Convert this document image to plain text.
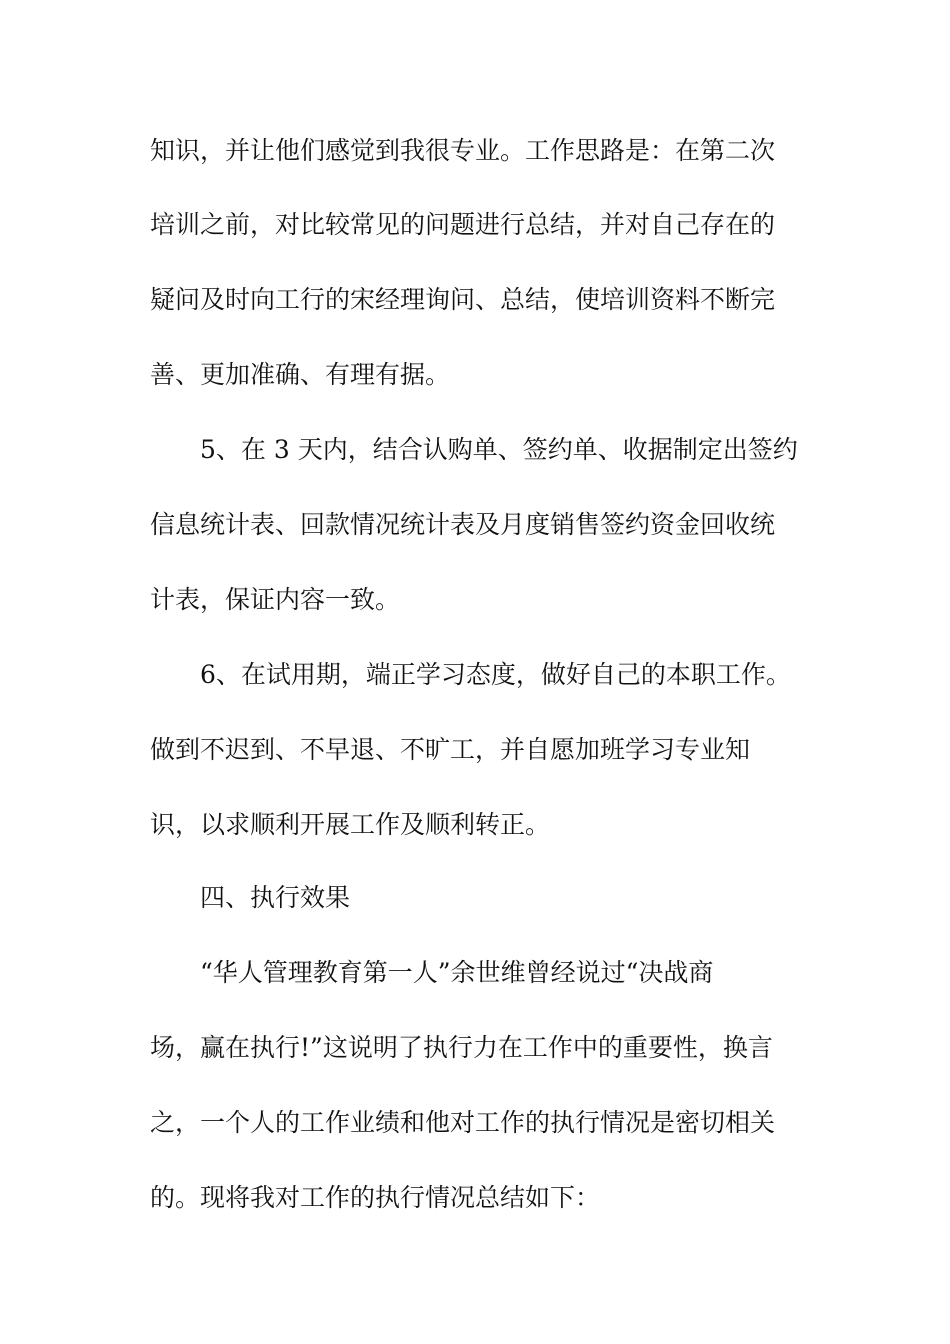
知识，并让他们感觉到我很专业。工作思路是：在第二次

培训之前，对比较常见的问题进行总结，并对自己存在的

疑问及时向工行的宋经理询问、总结，使培训资料不断完

善、更加准确、有理有据。

5、在 3 天内，结合认购单、签约单、收据制定出签约

信息统计表、回款情况统计表及月度销售签约资金回收统

计表，保证内容一致。

6、在试用期，端正学习态度，做好自己的本职工作。

做到不迟到、不早退、不旷工，并自愿加班学习专业知

识，以求顺利开展工作及顺利转正。

四、执行效果

“华人管理教育第一人”余世维曾经说过“决战商

场，赢在执行!”这说明了执行力在工作中的重要性，换言

之，一个人的工作业绩和他对工作的执行情况是密切相关

的。现将我对工作的执行情况总结如下：
